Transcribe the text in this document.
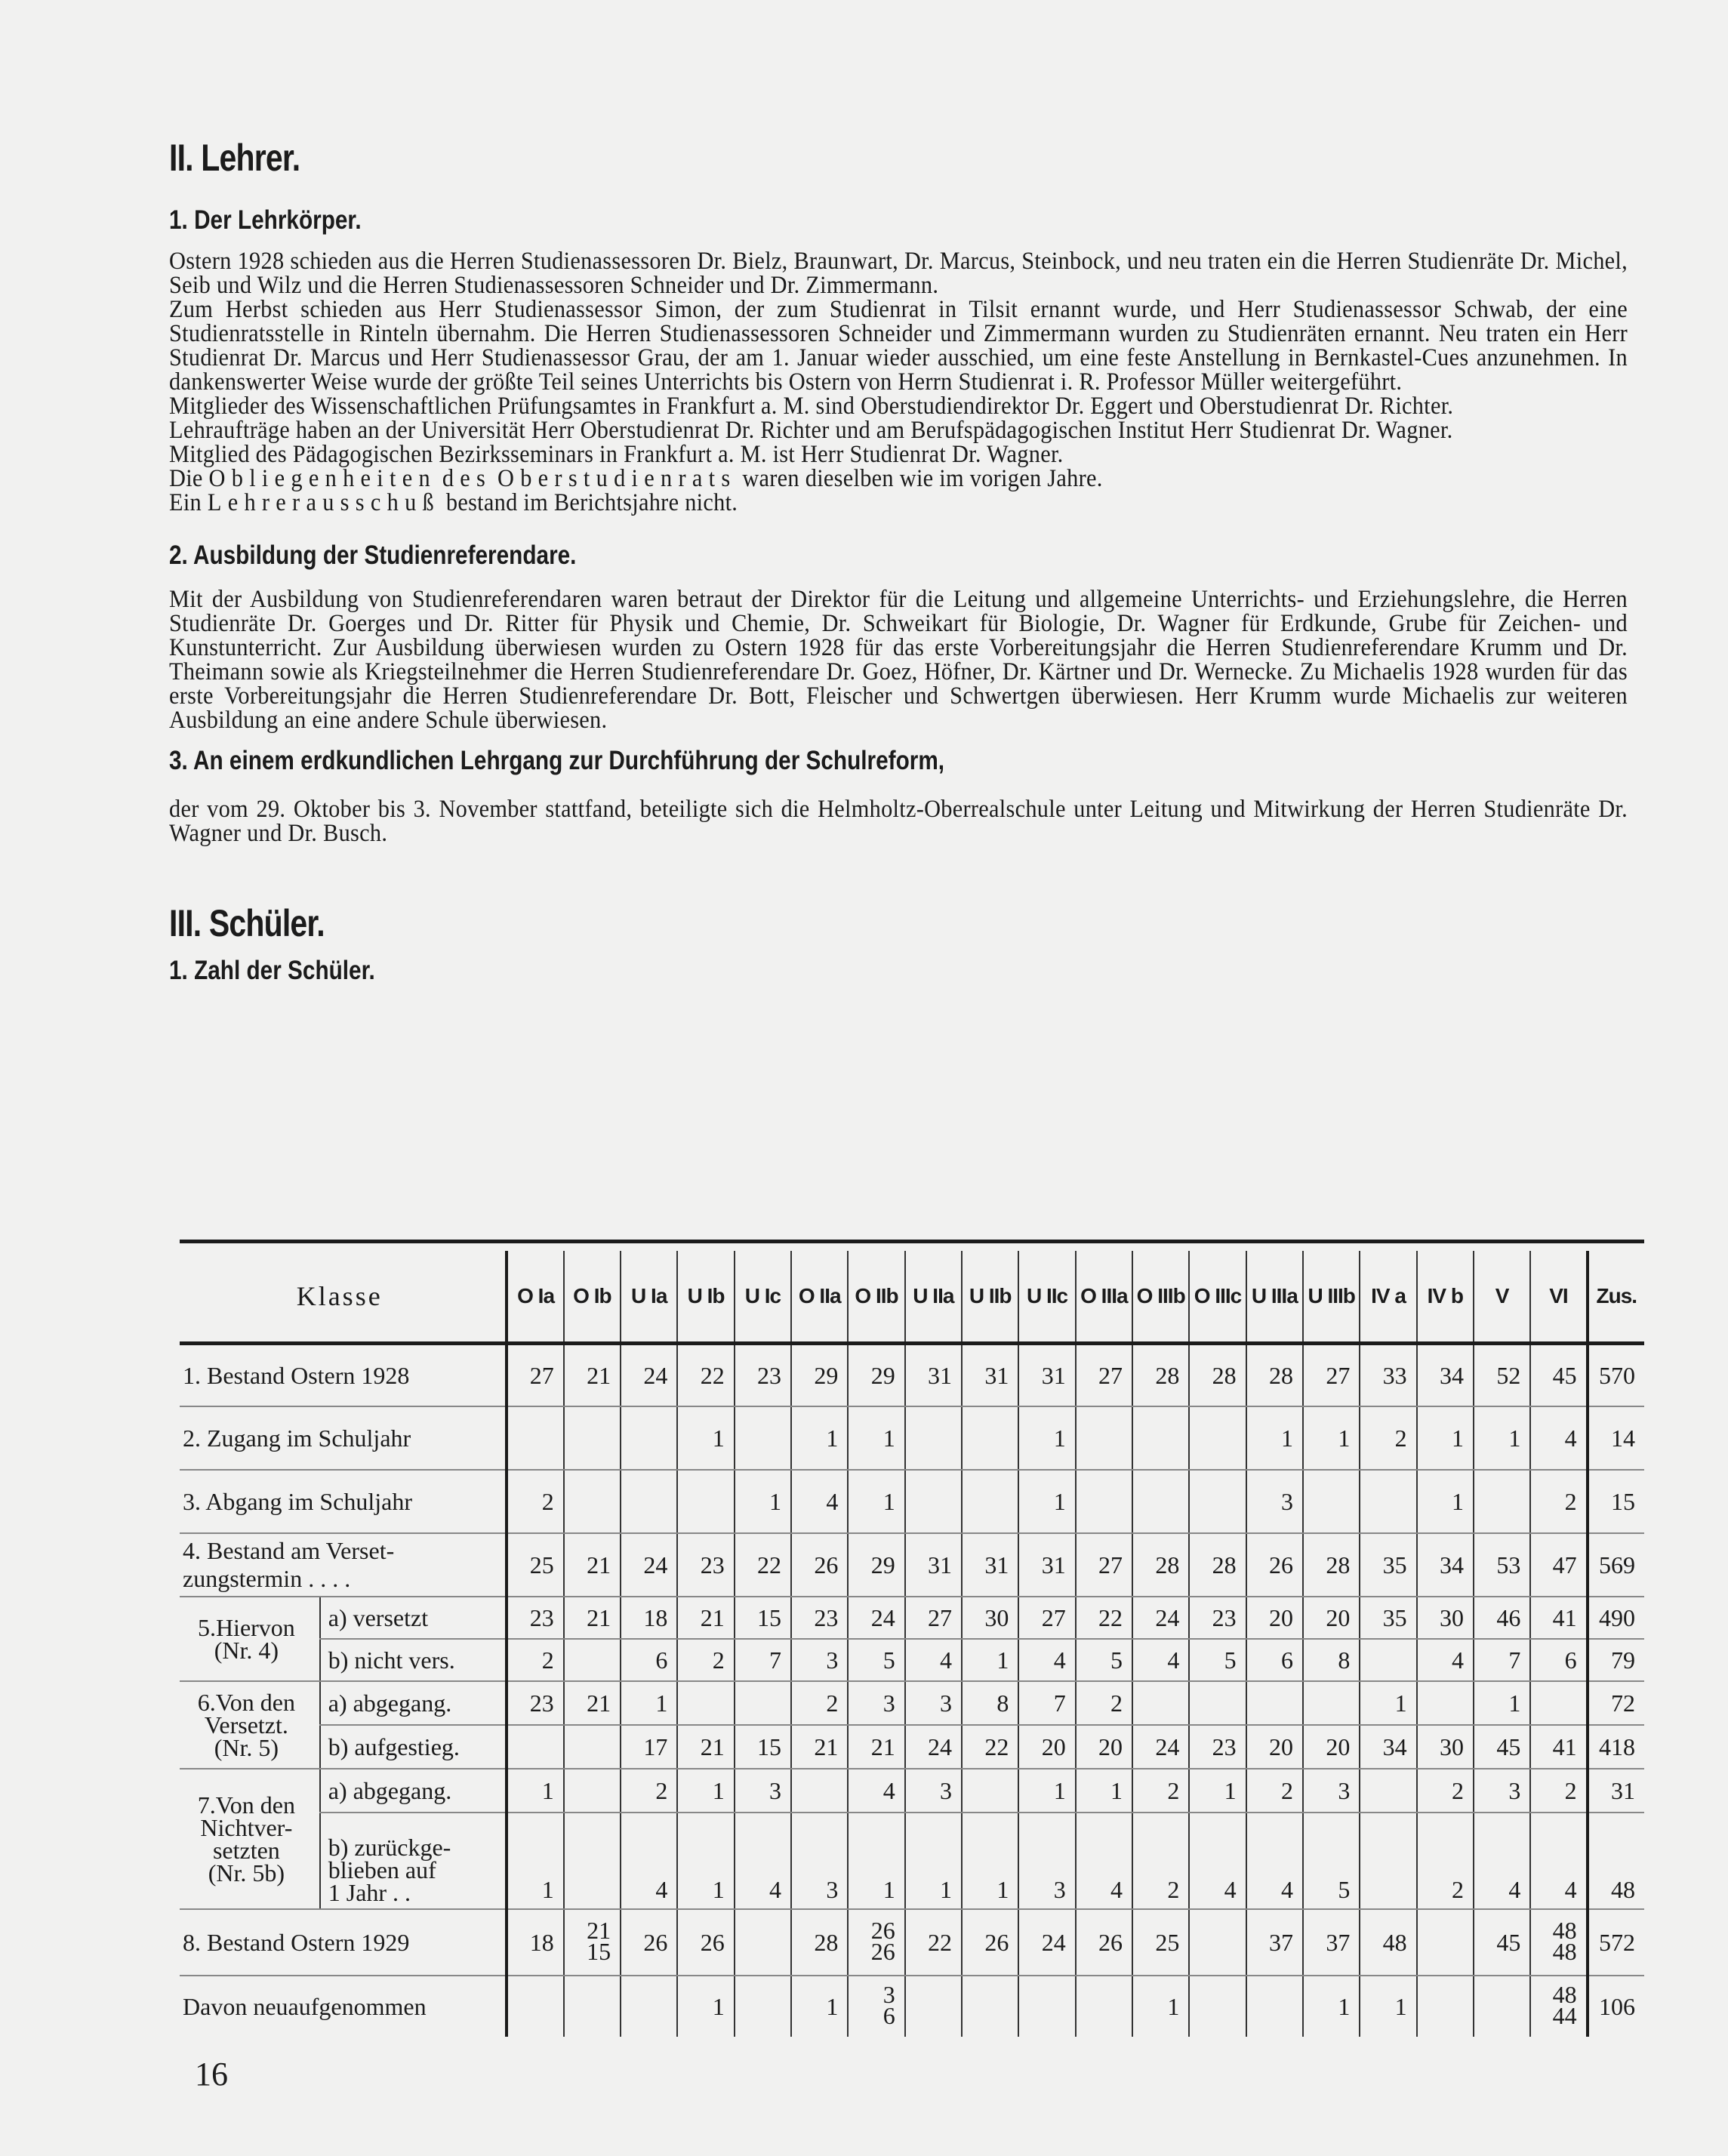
II. Lehrer.
1. Der Lehrkörper.

Ostern 1928 schieden aus die Herren Studienassessoren Dr. Bielz, Braunwart, Dr. Marcus, Steinbock, und neu traten ein die Herren Studienräte Dr. Michel, Seib und Wilz und die Herren Studienassessoren Schneider und Dr. Zimmermann.

Zum Herbst schieden aus Herr Studienassessor Simon, der zum Studienrat in Tilsit ernannt wurde, und Herr Studienassessor Schwab, der eine Studienratsstelle in Rinteln übernahm. Die Herren Studienassessoren Schneider und Zimmermann wurden zu Studienräten ernannt. Neu traten ein Herr Studienrat Dr. Marcus und Herr Studienassessor Grau, der am 1. Januar wieder ausschied, um eine feste Anstellung in Bernkastel-Cues anzunehmen. In dankenswerter Weise wurde der größte Teil seines Unterrichts bis Ostern von Herrn Studienrat i. R. Professor Müller weitergeführt.

Mitglieder des Wissenschaftlichen Prüfungsamtes in Frankfurt a. M. sind Oberstudiendirektor Dr. Eggert und Oberstudienrat Dr. Richter.

Lehraufträge haben an der Universität Herr Oberstudienrat Dr. Richter und am Berufspädagogischen Institut Herr Studienrat Dr. Wagner.

Mitglied des Pädagogischen Bezirksseminars in Frankfurt a. M. ist Herr Studienrat Dr. Wagner.

Die Obliegenheiten des Oberstudienrats waren dieselben wie im vorigen Jahre.

Ein Lehrerausschuß bestand im Berichtsjahre nicht.

2. Ausbildung der Studienreferendare.

Mit der Ausbildung von Studienreferendaren waren betraut der Direktor für die Leitung und allgemeine Unterrichts- und Erziehungslehre, die Herren Studienräte Dr. Goerges und Dr. Ritter für Physik und Chemie, Dr. Schweikart für Biologie, Dr. Wagner für Erdkunde, Grube für Zeichen- und Kunstunterricht. Zur Ausbildung überwiesen wurden zu Ostern 1928 für das erste Vorbereitungsjahr die Herren Studienreferendare Krumm und Dr. Theimann sowie als Kriegsteilnehmer die Herren Studienreferendare Dr. Goez, Höfner, Dr. Kärtner und Dr. Wernecke. Zu Michaelis 1928 wurden für das erste Vorbereitungsjahr die Herren Studienreferendare Dr. Bott, Fleischer und Schwertgen überwiesen. Herr Krumm wurde Michaelis zur weiteren Ausbildung an eine andere Schule überwiesen.

3. An einem erdkundlichen Lehrgang zur Durchführung der Schulreform,

der vom 29. Oktober bis 3. November stattfand, beteiligte sich die Helmholtz-Oberrealschule unter Leitung und Mitwirkung der Herren Studienräte Dr. Wagner und Dr. Busch.

III. Schüler.
1. Zahl der Schüler.
Klasse		O Ia	O Ib	U Ia	U Ib	U Ic	O IIa	O IIb	U IIa	U IIb	U IIc	O IIIa	O IIIb	O IIIc	U IIIa	U IIIb	IV a	IV b	V	VI	Zus.
1. Bestand Ostern 1928		27	21	24	22	23	29	29	31	31	31	27	28	28	28	27	33	34	52	45	570
2. Zugang im Schuljahr					1		1	1			1				1	1	2	1	1	4	14
3. Abgang im Schuljahr		2				1	4	1			1				3			1		2	15
4. Bestand am Verset-
zungstermin . . . .		25	21	24	23	22	26	29	31	31	31	27	28	28	26	28	35	34	53	47	569
5.Hiervon
(Nr. 4)	a) versetzt	23	21	18	21	15	23	24	27	30	27	22	24	23	20	20	35	30	46	41	490
	b) nicht vers.	2		6	2	7	3	5	4	1	4	5	4	5	6	8		4	7	6	79
6.Von den
Versetzt.
(Nr. 5)	a) abgegang.	23	21	1			2	3	3	8	7	2					1		1		72
	b) aufgestieg.			17	21	15	21	21	24	22	20	20	24	23	20	20	34	30	45	41	418
7.Von den
Nichtver-
setzten
(Nr. 5b)	a) abgegang.	1		2	1	3		4	3		1	1	2	1	2	3		2	3	2	31
	b) zurückge-
blieben auf
1 Jahr . .	1		4	1	4	3	1	1	1	3	4	2	4	4	5		2	4	4	48
8. Bestand Ostern 1929		18	21
15	26	26		28	26
26	22	26	24	26	25		37	37	48		45	48
48	572
Davon neuaufgenommen					1		1	3
6					1			1	1			48
44	106
16
